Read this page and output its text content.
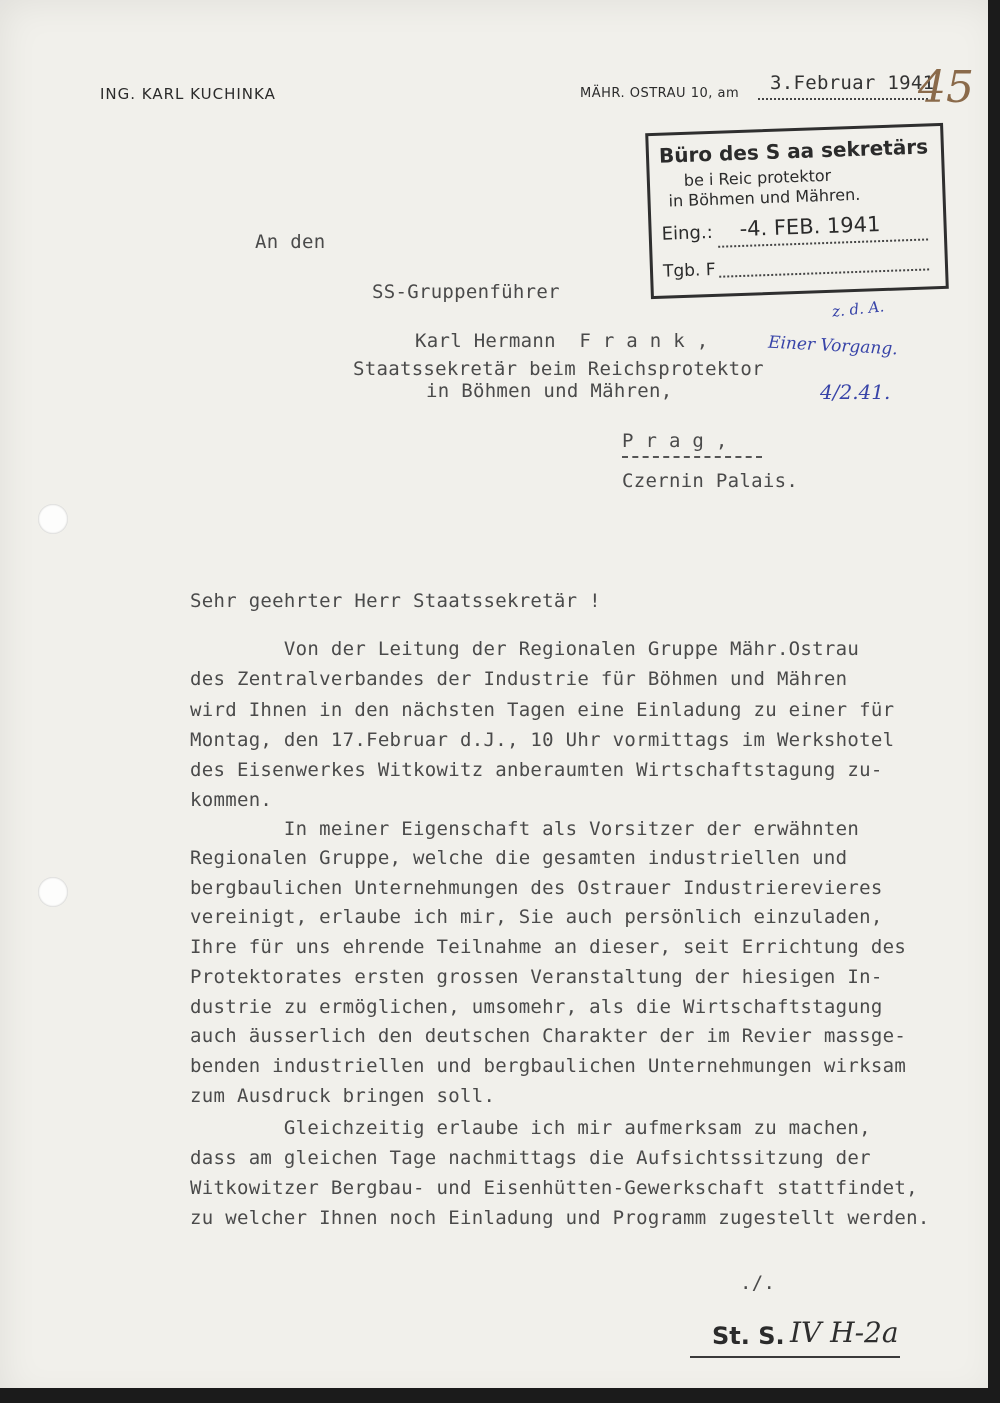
ING. KARL KUCHINKA	MÄHR. OSTRAU 10, am 3.Februar 1941
45
Büro des S aa sekretärs
be i Reic protektor
in Böhmen und Mähren.
Eing.: -4. FEB. 1941
Tgb. F
An den
SS-Gruppenführer
Karl Hermann  F r a n k ,
Staatssekretär beim Reichsprotektor
in Böhmen und Mähren,
P r a g ,
Czernin Palais.
z. d. A.
Einer Vorgang.
4/2.41.
Sehr geehrter Herr Staatssekretär !
Von der Leitung der Regionalen Gruppe Mähr.Ostrau
des Zentralverbandes der Industrie für Böhmen und Mähren
wird Ihnen in den nächsten Tagen eine Einladung zu einer für
Montag, den 17.Februar d.J., 10 Uhr vormittags im Werkshotel
des Eisenwerkes Witkowitz anberaumten Wirtschaftstagung zu-
kommen.
In meiner Eigenschaft als Vorsitzer der erwähnten
Regionalen Gruppe, welche die gesamten industriellen und
bergbaulichen Unternehmungen des Ostrauer Industrierevieres
vereinigt, erlaube ich mir, Sie auch persönlich einzuladen,
Ihre für uns ehrende Teilnahme an dieser, seit Errichtung des
Protektorates ersten grossen Veranstaltung der hiesigen In-
dustrie zu ermöglichen, umsomehr, als die Wirtschaftstagung
auch äusserlich den deutschen Charakter der im Revier massge-
benden industriellen und bergbaulichen Unternehmungen wirksam
zum Ausdruck bringen soll.
Gleichzeitig erlaube ich mir aufmerksam zu machen,
dass am gleichen Tage nachmittags die Aufsichtssitzung der
Witkowitzer Bergbau- und Eisenhütten-Gewerkschaft stattfindet,
zu welcher Ihnen noch Einladung und Programm zugestellt werden.
./.
St. S. IV H-2a
